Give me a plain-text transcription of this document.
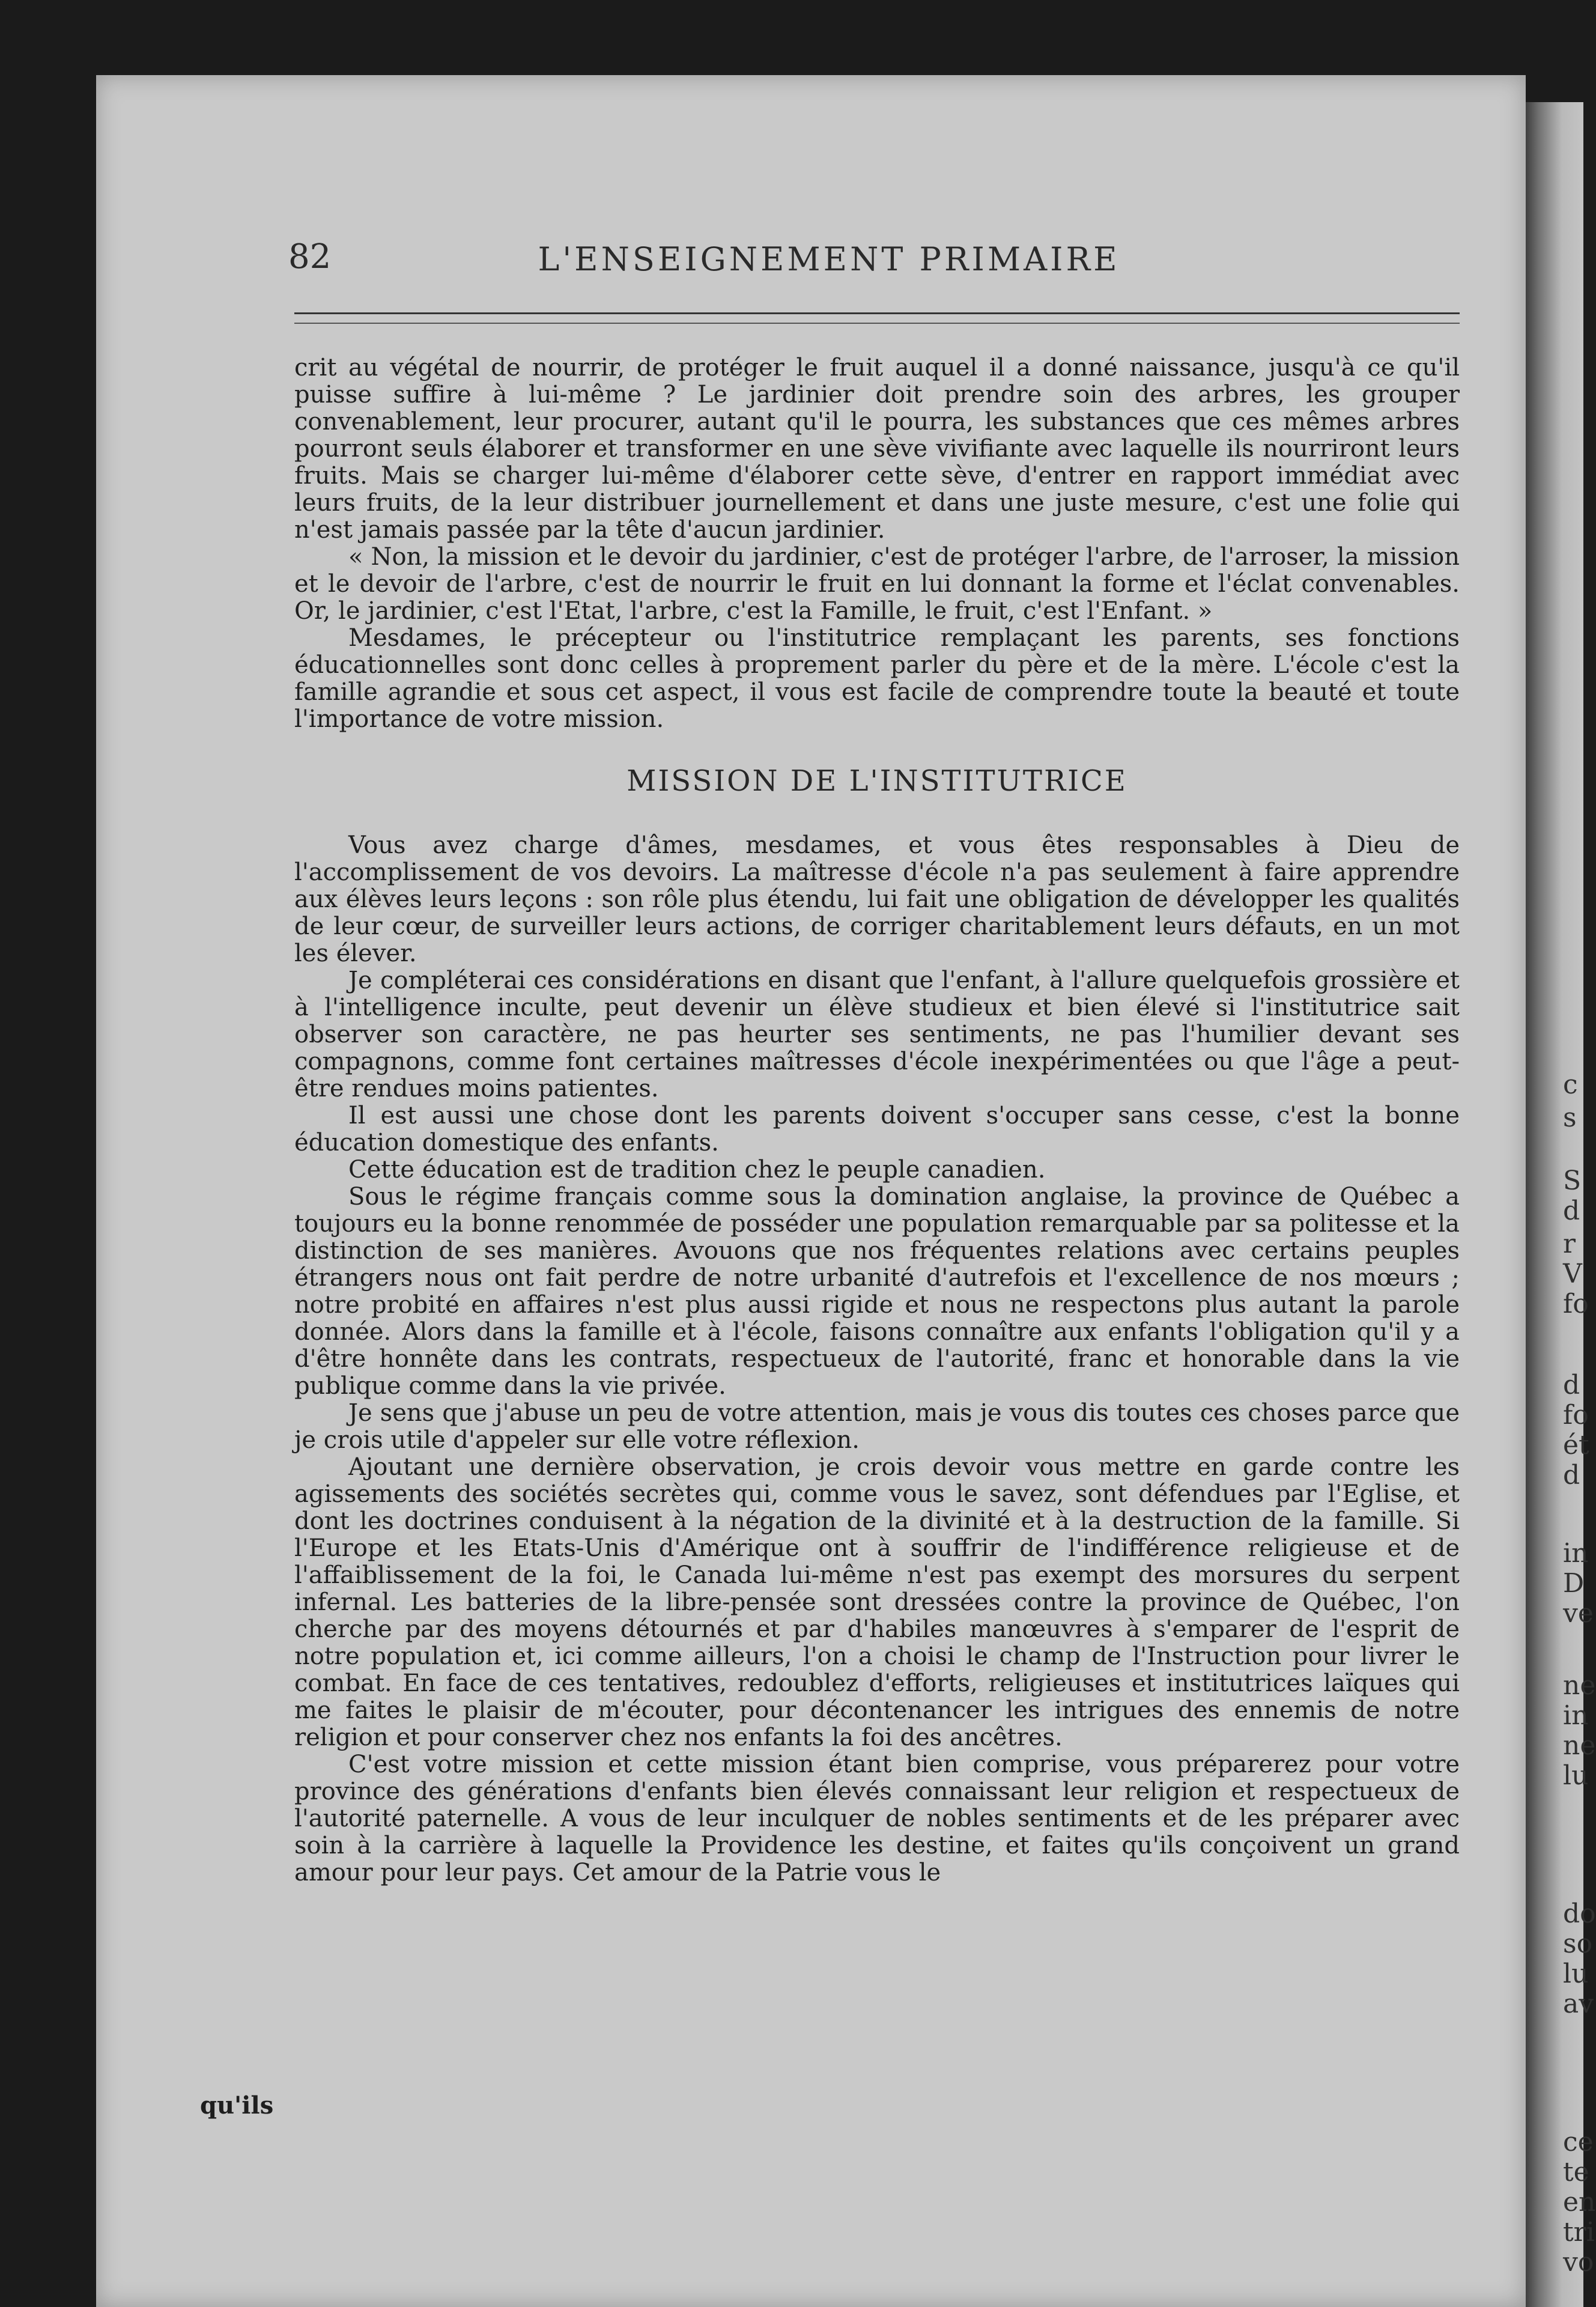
c
s
S
d
r
V
fo
d
fo
ét
d
in
D
ve
ne
in
ne
lu
do
so
lu
av
ce
te
en
tri
vo
82	L'ENSEIGNEMENT PRIMAIRE

crit au végétal de nourrir, de protéger le fruit auquel il a donné naissance, jusqu'à ce qu'il puisse suffire à lui-même ? Le jardinier doit prendre soin des arbres, les grouper convenablement, leur procurer, autant qu'il le pourra, les substances que ces mêmes arbres pourront seuls élaborer et transformer en une sève vivifiante avec laquelle ils nourriront leurs fruits. Mais se charger lui-même d'élaborer cette sève, d'entrer en rapport immédiat avec leurs fruits, de la leur distribuer journellement et dans une juste mesure, c'est une folie qui n'est jamais passée par la tête d'aucun jardinier.

« Non, la mission et le devoir du jardinier, c'est de protéger l'arbre, de l'arroser, la mission et le devoir de l'arbre, c'est de nourrir le fruit en lui donnant la forme et l'éclat convenables. Or, le jardinier, c'est l'Etat, l'arbre, c'est la Famille, le fruit, c'est l'Enfant. »

Mesdames, le précepteur ou l'institutrice remplaçant les parents, ses fonctions éducationnelles sont donc celles à proprement parler du père et de la mère. L'école c'est la famille agrandie et sous cet aspect, il vous est facile de comprendre toute la beauté et toute l'importance de votre mission.

MISSION DE L'INSTITUTRICE

Vous avez charge d'âmes, mesdames, et vous êtes responsables à Dieu de l'accomplissement de vos devoirs. La maîtresse d'école n'a pas seulement à faire apprendre aux élèves leurs leçons : son rôle plus étendu, lui fait une obligation de développer les qualités de leur cœur, de surveiller leurs actions, de corriger charitablement leurs défauts, en un mot les élever.

Je compléterai ces considérations en disant que l'enfant, à l'allure quelquefois grossière et à l'intelligence inculte, peut devenir un élève studieux et bien élevé si l'institutrice sait observer son caractère, ne pas heurter ses sentiments, ne pas l'humilier devant ses compagnons, comme font certaines maîtresses d'école inexpérimentées ou que l'âge a peut-être rendues moins patientes.

Il est aussi une chose dont les parents doivent s'occuper sans cesse, c'est la bonne éducation domestique des enfants.

Cette éducation est de tradition chez le peuple canadien.

Sous le régime français comme sous la domination anglaise, la province de Québec a toujours eu la bonne renommée de posséder une population remarquable par sa politesse et la distinction de ses manières. Avouons que nos fréquentes relations avec certains peuples étrangers nous ont fait perdre de notre urbanité d'autrefois et l'excellence de nos mœurs ; notre probité en affaires n'est plus aussi rigide et nous ne respectons plus autant la parole donnée. Alors dans la famille et à l'école, faisons connaître aux enfants l'obligation qu'il y a d'être honnête dans les contrats, respectueux de l'autorité, franc et honorable dans la vie publique comme dans la vie privée.

Je sens que j'abuse un peu de votre attention, mais je vous dis toutes ces choses parce que je crois utile d'appeler sur elle votre réflexion.

Ajoutant une dernière observation, je crois devoir vous mettre en garde contre les agissements des sociétés secrètes qui, comme vous le savez, sont défendues par l'Eglise, et dont les doctrines conduisent à la négation de la divinité et à la destruction de la famille. Si l'Europe et les Etats-Unis d'Amérique ont à souffrir de l'indifférence religieuse et de l'affaiblissement de la foi, le Canada lui-même n'est pas exempt des morsures du serpent infernal. Les batteries de la libre-pensée sont dressées contre la province de Québec, l'on cherche par des moyens détournés et par d'habiles manœuvres à s'emparer de l'esprit de notre population et, ici comme ailleurs, l'on a choisi le champ de l'Instruction pour livrer le combat. En face de ces tentatives, redoublez d'efforts, religieuses et institutrices laïques qui me faites le plaisir de m'écouter, pour décontenancer les intrigues des ennemis de notre religion et pour conserver chez nos enfants la foi des ancêtres.

C'est votre mission et cette mission étant bien comprise, vous préparerez pour votre province des générations d'enfants bien élevés connaissant leur religion et respectueux de l'autorité paternelle. A vous de leur inculquer de nobles sentiments et de les préparer avec soin à la carrière à laquelle la Providence les destine, et faites qu'ils conçoivent un grand amour pour leur pays. Cet amour de la Patrie vous le

qu'ils
